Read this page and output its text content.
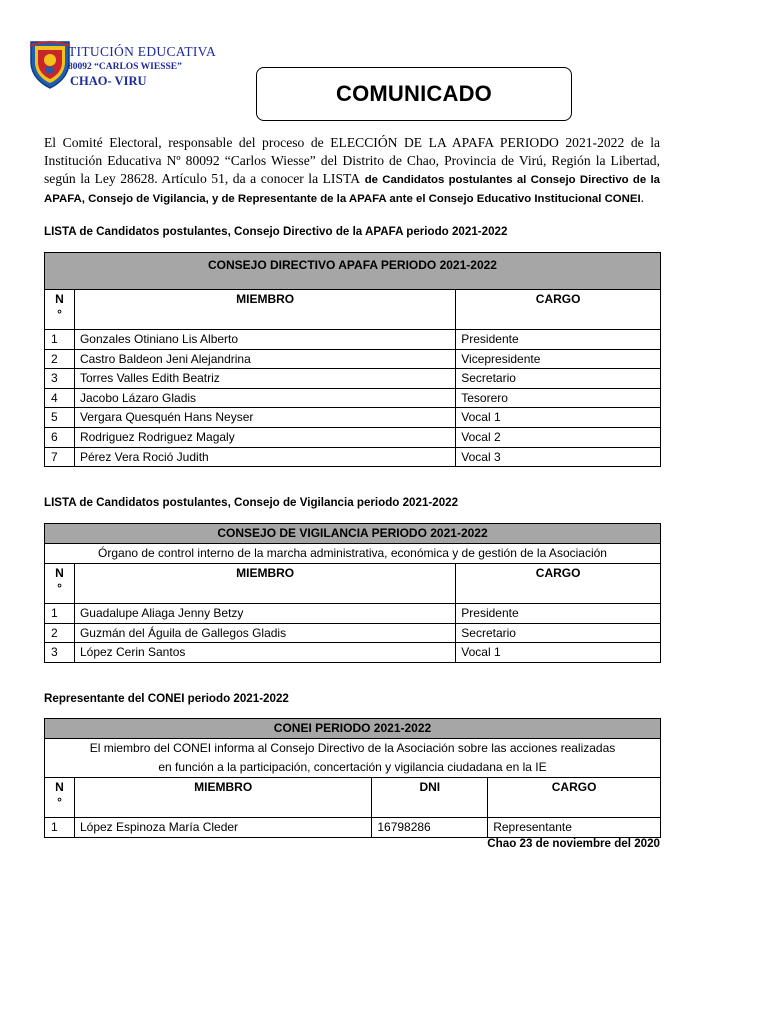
TITUCIÓN EDUCATIVA
80092 “CARLOS WIESSE”
CHAO- VIRU	COMUNICADO
El Comité Electoral, responsable del proceso de ELECCIÓN DE LA APAFA PERIODO 2021-2022 de la Institución Educativa Nº 80092 “Carlos Wiesse” del Distrito de Chao, Provincia de Virú, Región la Libertad, según la Ley 28628. Artículo 51, da a conocer la LISTA de Candidatos postulantes al Consejo Directivo de la APAFA, Consejo de Vigilancia, y de Representante de la APAFA ante el Consejo Educativo Institucional CONEI.
LISTA de Candidatos postulantes, Consejo Directivo de la APAFA periodo 2021-2022
CONSEJO DIRECTIVO APAFA PERIODO 2021-2022		
N
°	MIEMBRO	CARGO
1	Gonzales Otiniano Lis Alberto	Presidente
2	Castro Baldeon Jeni Alejandrina	Vicepresidente
3	Torres Valles Edith Beatriz	Secretario
4	Jacobo Lázaro Gladis	Tesorero
5	Vergara Quesquén Hans Neyser	Vocal 1
6	Rodriguez Rodriguez Magaly	Vocal 2
7	Pérez Vera Roció Judith	Vocal 3
LISTA de Candidatos postulantes, Consejo de Vigilancia periodo 2021-2022
CONSEJO DE VIGILANCIA PERIODO 2021-2022		
Órgano de control interno de la marcha administrativa, económica y de gestión de la Asociación		
N
°	MIEMBRO	CARGO
1	Guadalupe Aliaga Jenny Betzy	Presidente
2	Guzmán del Águila de Gallegos Gladis	Secretario
3	López Cerin Santos	Vocal 1
Representante del CONEI periodo 2021-2022
CONEI PERIODO 2021-2022			
El miembro del CONEI informa al Consejo Directivo de la Asociación sobre las acciones realizadas
en función a la participación, concertación y vigilancia ciudadana en la IE			
N
°	MIEMBRO	DNI	CARGO
1	López Espinoza María Cleder	16798286	Representante
Chao 23 de noviembre del 2020
